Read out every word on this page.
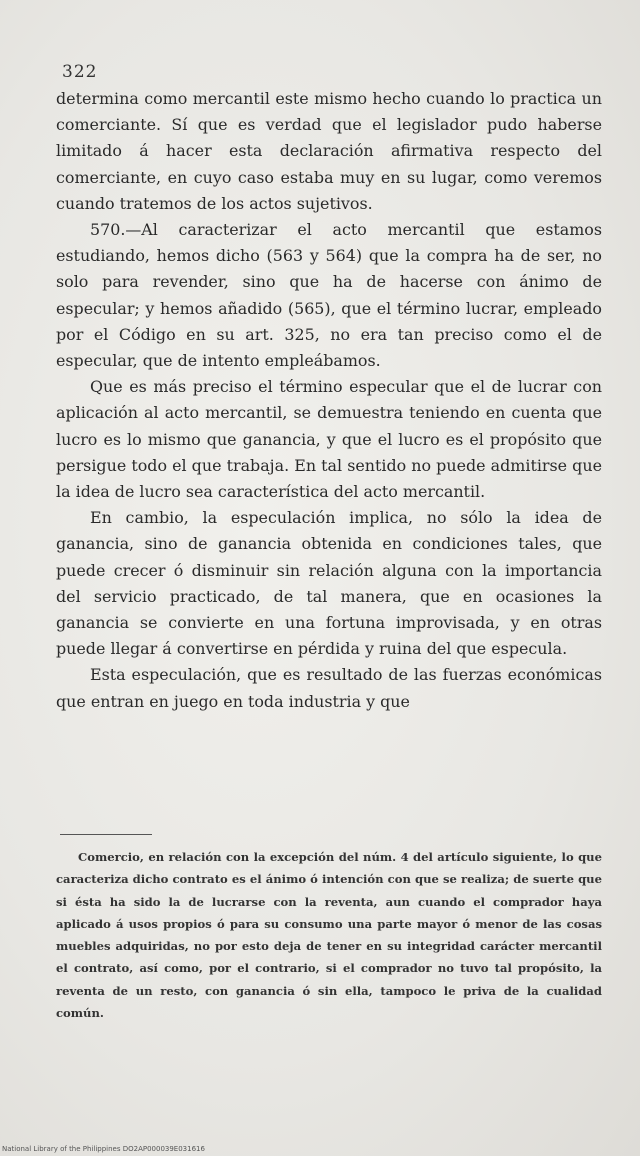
322

determina como mercantil este mismo hecho cuando lo practica un comerciante. Sí que es verdad que el legislador pudo haberse limitado á hacer esta declaración afirmativa respecto del comerciante, en cuyo caso estaba muy en su lugar, como veremos cuando tratemos de los actos sujetivos.

570.—Al caracterizar el acto mercantil que estamos estudiando, hemos dicho (563 y 564) que la compra ha de ser, no solo para revender, sino que ha de hacerse con ánimo de especular; y hemos añadido (565), que el término lucrar, empleado por el Código en su art. 325, no era tan preciso como el de especular, que de intento empleábamos.

Que es más preciso el término especular que el de lucrar con aplicación al acto mercantil, se demuestra teniendo en cuenta que lucro es lo mismo que ganancia, y que el lucro es el propósito que persigue todo el que trabaja. En tal sentido no puede admitirse que la idea de lucro sea característica del acto mercantil.

En cambio, la especulación implica, no sólo la idea de ganancia, sino de ganancia obtenida en condiciones tales, que puede crecer ó disminuir sin relación alguna con la importancia del servicio practicado, de tal manera, que en ocasiones la ganancia se convierte en una fortuna improvisada, y en otras puede llegar á convertirse en pérdida y ruina del que especula.

Esta especulación, que es resultado de las fuerzas económicas que entran en juego en toda industria y que

Comercio, en relación con la excepción del núm. 4 del artículo siguiente, lo que caracteriza dicho contrato es el ánimo ó intención con que se realiza; de suerte que si ésta ha sido la de lucrarse con la reventa, aun cuando el comprador haya aplicado á usos propios ó para su consumo una parte mayor ó menor de las cosas muebles adquiridas, no por esto deja de tener en su integridad carácter mercantil el contrato, así como, por el contrario, si el comprador no tuvo tal propósito, la reventa de un resto, con ganancia ó sin ella, tampoco le priva de la cualidad común.

National Library of the Philippines DO2AP000039E031616
